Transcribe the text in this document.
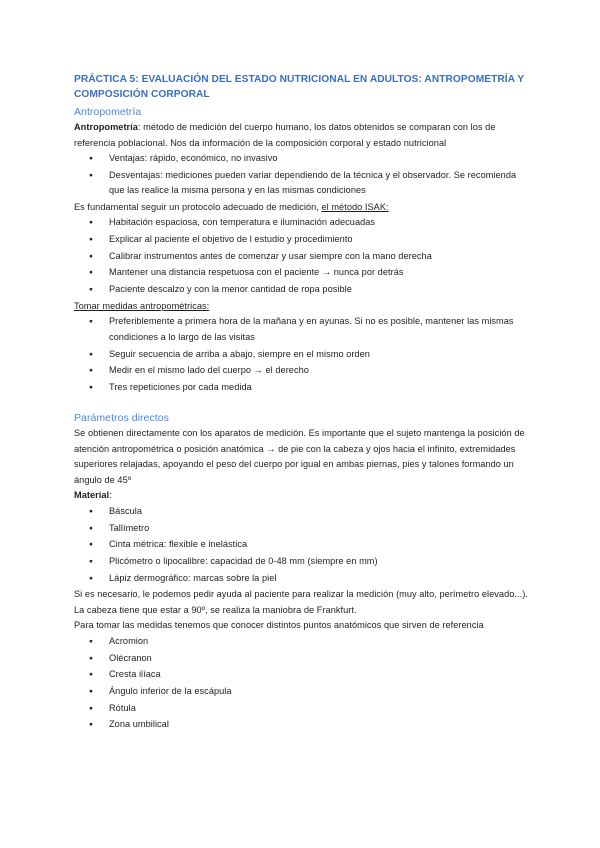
PRÁCTICA 5: EVALUACIÓN DEL ESTADO NUTRICIONAL EN ADULTOS: ANTROPOMETRÍA Y COMPOSICIÓN CORPORAL

Antropometría

Antropometría: método de medición del cuerpo humano, los datos obtenidos se comparan con los de referencia poblacional. Nos da información de la composición corporal y estado nutricional

● Ventajas: rápido, económico, no invasivo
● Desventajas: mediciones pueden variar dependiendo de la técnica y el observador. Se recomienda que las realice la misma persona y en las mismas condiciones

Es fundamental seguir un protocolo adecuado de medición, el método ISAK:

● Habitación espaciosa, con temperatura e iluminación adecuadas
● Explicar al paciente el objetivo de l estudio y procedimiento
● Calibrar instrumentos antes de comenzar y usar siempre con la mano derecha
● Mantener una distancia respetuosa con el paciente → nunca por detrás
● Paciente descalzo y con la menor cantidad de ropa posible

Tomar medidas antropométricas:

● Preferiblemente a primera hora de la mañana y en ayunas. Si no es posible, mantener las mismas condiciones a lo largo de las visitas
● Seguir secuencia de arriba a abajo, siempre en el mismo orden
● Medir en el mismo lado del cuerpo → el derecho
● Tres repeticiones por cada medida

Parámetros directos

Se obtienen directamente con los aparatos de medición. Es importante que el sujeto mantenga la posición de atención antropométrica o posición anatómica → de pie con la cabeza y ojos hacia el infinito, extremidades superiores relajadas, apoyando el peso del cuerpo por igual en ambas piernas, pies y talones formando un ángulo de 45º

Material:

● Báscula
● Tallímetro
● Cinta métrica: flexible e inelástica
● Plicómetro o lipocalibre: capacidad de 0-48 mm (siempre en mm)
● Lápiz dermográfico: marcas sobre la piel

Si es necesario, le podemos pedir ayuda al paciente para realizar la medición (muy alto, perímetro elevado...). La cabeza tiene que estar a 90º, se realiza la maniobra de Frankfurt.

Para tomar las medidas tenemos que conocer distintos puntos anatómicos que sirven de referencia

● Acromion
● Olécranon
● Cresta ilíaca
● Ángulo inferior de la escápula
● Rótula
● Zona umbilical
